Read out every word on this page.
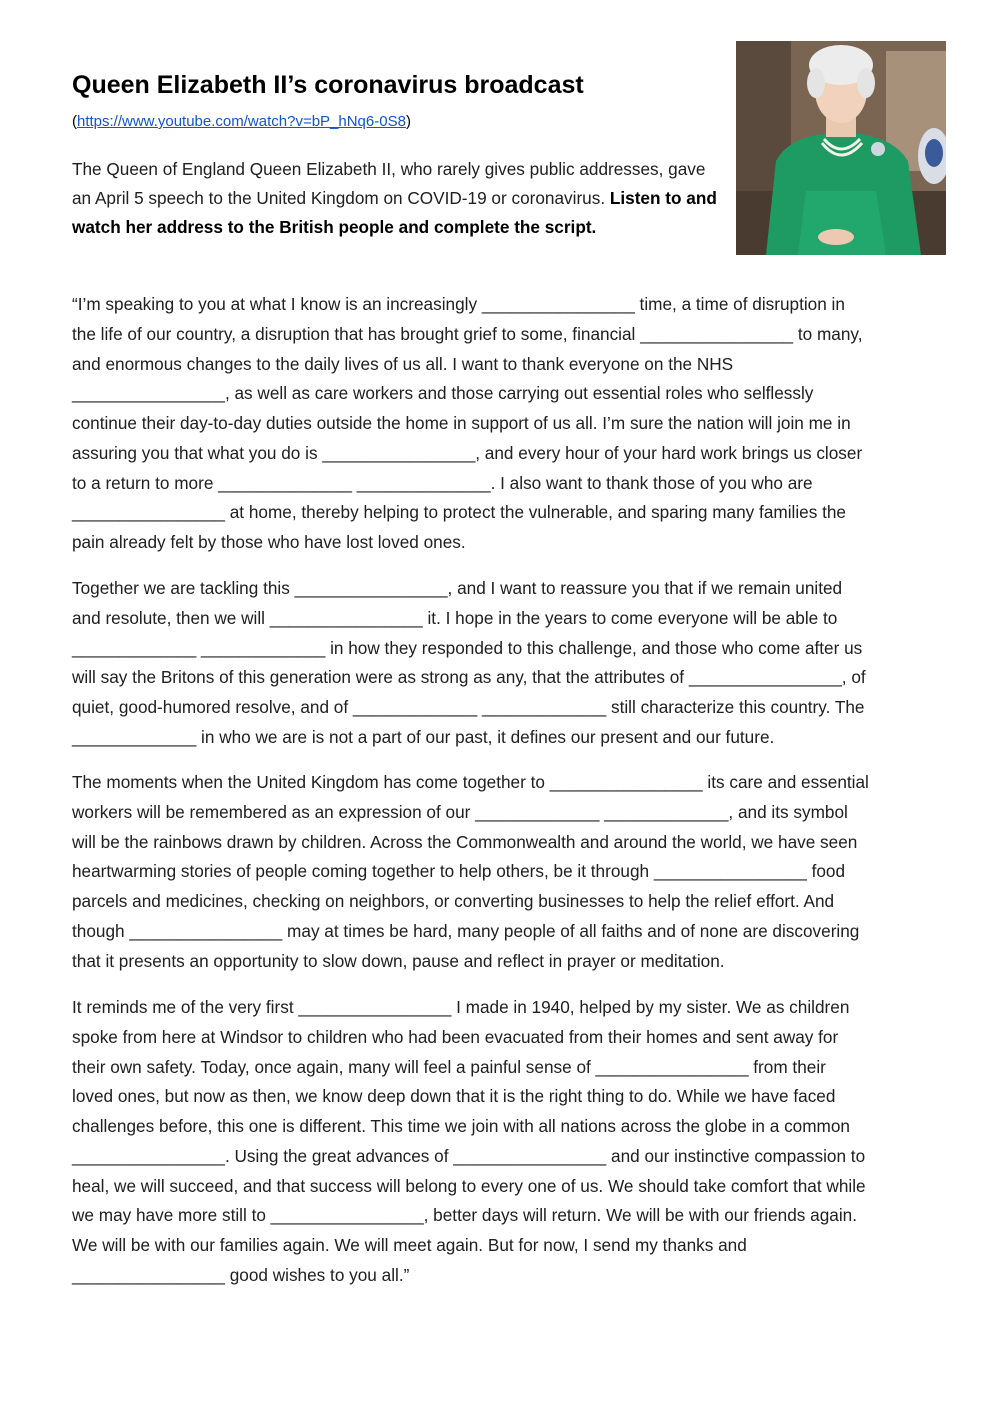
Queen Elizabeth II’s coronavirus broadcast
(https://www.youtube.com/watch?v=bP_hNq6-0S8)

The Queen of England Queen Elizabeth II, who rarely gives public addresses, gave an April 5 speech to the United Kingdom on COVID-19 or coronavirus. Listen to and watch her address to the British people and complete the script.

“I’m speaking to you at what I know is an increasingly ________________ time, a time of disruption in
the life of our country, a disruption that has brought grief to some, financial ________________ to many,
and enormous changes to the daily lives of us all. I want to thank everyone on the NHS
________________, as well as care workers and those carrying out essential roles who selflessly
continue their day-to-day duties outside the home in support of us all. I’m sure the nation will join me in
assuring you that what you do is ________________, and every hour of your hard work brings us closer
to a return to more ______________ ______________. I also want to thank those of you who are
________________ at home, thereby helping to protect the vulnerable, and sparing many families the
pain already felt by those who have lost loved ones.

Together we are tackling this ________________, and I want to reassure you that if we remain united
and resolute, then we will ________________ it. I hope in the years to come everyone will be able to
_____________ _____________ in how they responded to this challenge, and those who come after us
will say the Britons of this generation were as strong as any, that the attributes of ________________, of
quiet, good-humored resolve, and of _____________ _____________ still characterize this country. The
_____________ in who we are is not a part of our past, it defines our present and our future.

The moments when the United Kingdom has come together to ________________ its care and essential
workers will be remembered as an expression of our _____________ _____________, and its symbol
will be the rainbows drawn by children. Across the Commonwealth and around the world, we have seen
heartwarming stories of people coming together to help others, be it through ________________ food
parcels and medicines, checking on neighbors, or converting businesses to help the relief effort. And
though ________________ may at times be hard, many people of all faiths and of none are discovering
that it presents an opportunity to slow down, pause and reflect in prayer or meditation.

It reminds me of the very first ________________ I made in 1940, helped by my sister. We as children
spoke from here at Windsor to children who had been evacuated from their homes and sent away for
their own safety. Today, once again, many will feel a painful sense of ________________ from their
loved ones, but now as then, we know deep down that it is the right thing to do. While we have faced
challenges before, this one is different. This time we join with all nations across the globe in a common
________________. Using the great advances of ________________ and our instinctive compassion to
heal, we will succeed, and that success will belong to every one of us. We should take comfort that while
we may have more still to ________________, better days will return. We will be with our friends again.
We will be with our families again. We will meet again. But for now, I send my thanks and
________________ good wishes to you all.”
